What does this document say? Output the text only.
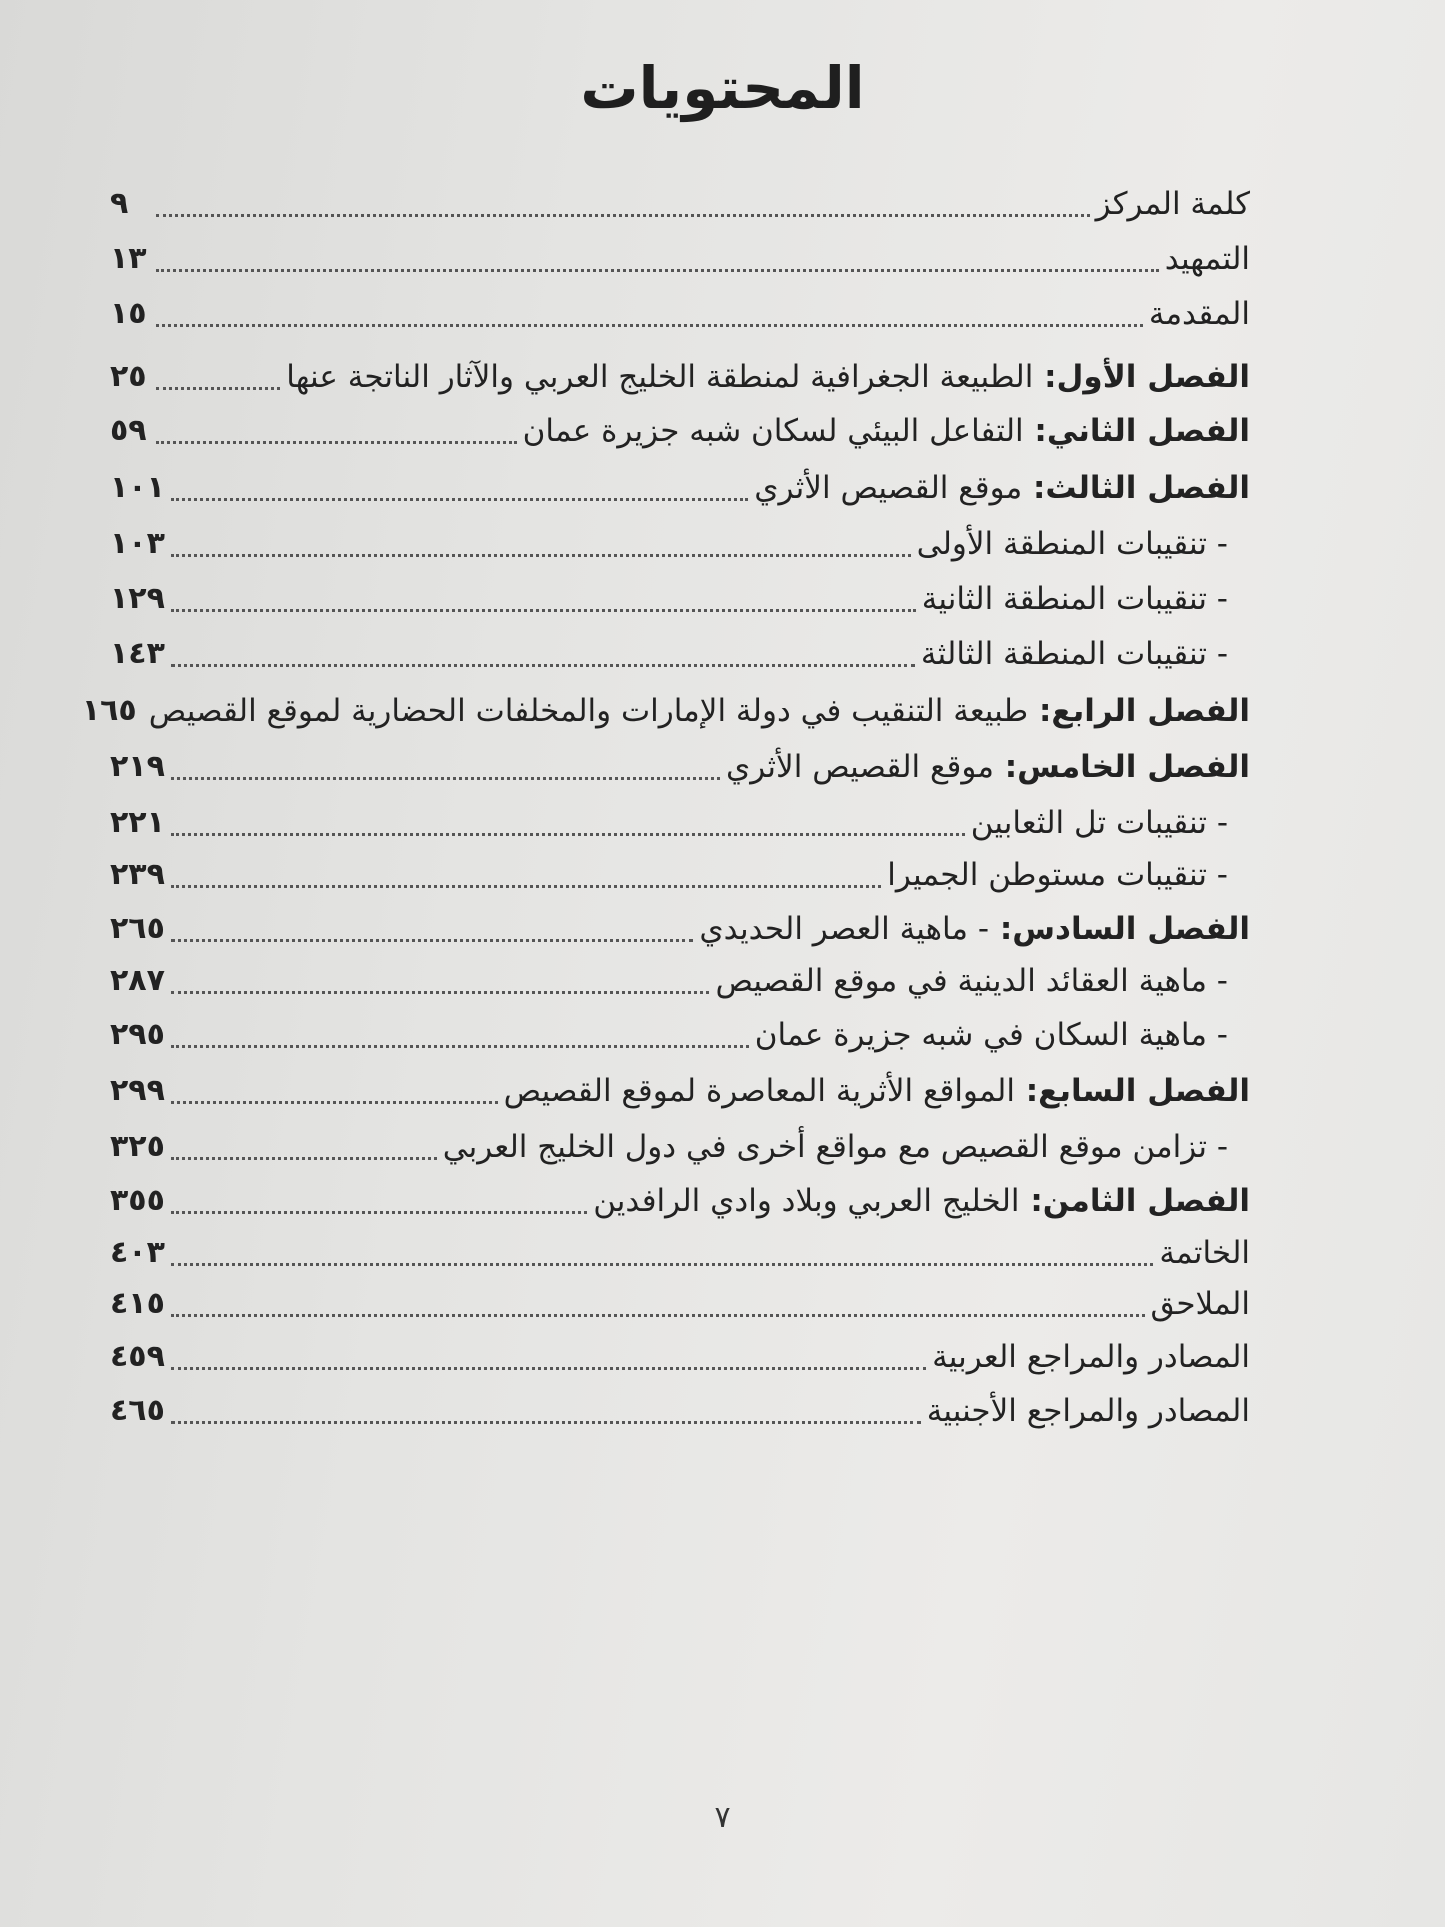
المحتويات
كلمة المركز
٩
التمهيد
١٣
المقدمة
١٥
الفصل الأول: الطبيعة الجغرافية لمنطقة الخليج العربي والآثار الناتجة عنها
٢٥
الفصل الثاني: التفاعل البيئي لسكان شبه جزيرة عمان
٥٩
الفصل الثالث: موقع القصيص الأثري
١٠١
- تنقيبات المنطقة الأولى
١٠٣
- تنقيبات المنطقة الثانية
١٢٩
- تنقيبات المنطقة الثالثة
١٤٣
الفصل الرابع: طبيعة التنقيب في دولة الإمارات والمخلفات الحضارية لموقع القصيص
١٦٥
الفصل الخامس: موقع القصيص الأثري
٢١٩
- تنقيبات تل الثعابين
٢٢١
- تنقيبات مستوطن الجميرا
٢٣٩
الفصل السادس: - ماهية العصر الحديدي
٢٦٥
- ماهية العقائد الدينية في موقع القصيص
٢٨٧
- ماهية السكان في شبه جزيرة عمان
٢٩٥
الفصل السابع: المواقع الأثرية المعاصرة لموقع القصيص
٢٩٩
- تزامن موقع القصيص مع مواقع أخرى في دول الخليج العربي
٣٢٥
الفصل الثامن: الخليج العربي وبلاد وادي الرافدين
٣٥٥
الخاتمة
٤٠٣
الملاحق
٤١٥
المصادر والمراجع العربية
٤٥٩
المصادر والمراجع الأجنبية
٤٦٥
٧
